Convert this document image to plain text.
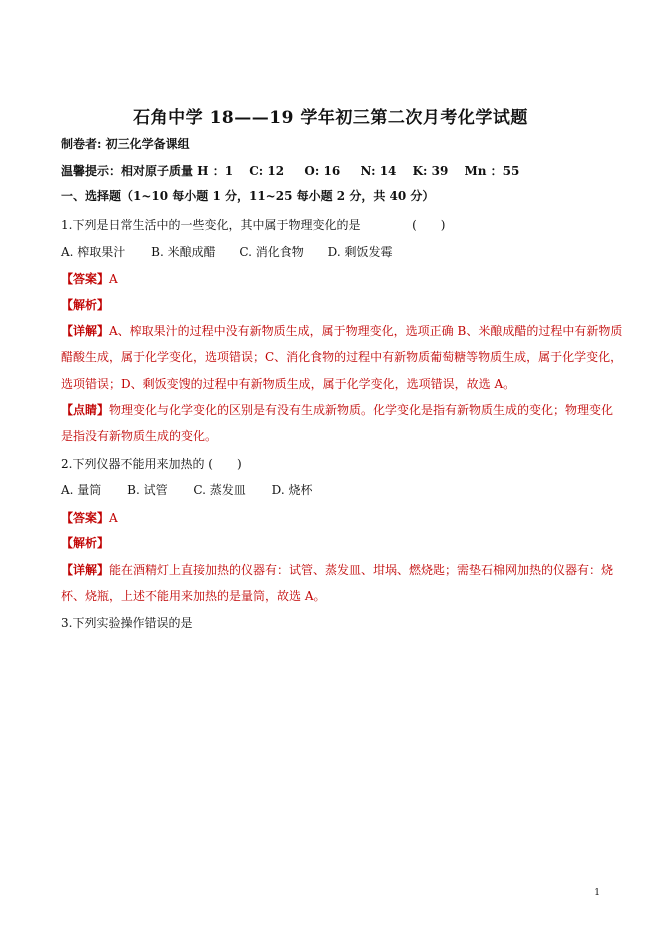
石角中学 18——19 学年初三第二次月考化学试题
制卷者: 初三化学备课组
温馨提示：相对原子质量 H ：1 　C: 12 　 O: 16 　 N: 14 　K: 39 　Mn ：55
一、选择题（1~10 每小题 1 分，11~25 每小题 2 分，共 40 分）
1.下列是日常生活中的一些变化，其中属于物理变化的是	(　　)
A. 榨取果汁 B. 米酿成醋 C. 消化食物 D. 剩饭发霉
【答案】A
【解析】
【详解】A、榨取果汁的过程中没有新物质生成，属于物理变化，选项正确 B、米酿成醋的过程中有新物质
醋酸生成，属于化学变化，选项错误；C、消化食物的过程中有新物质葡萄糖等物质生成，属于化学变化，
选项错误；D、剩饭变馊的过程中有新物质生成，属于化学变化，选项错误，故选 A。
【点睛】物理变化与化学变化的区别是有没有生成新物质。化学变化是指有新物质生成的变化；物理变化
是指没有新物质生成的变化。
2.下列仪器不能用来加热的 (　　)
A. 量筒 B. 试管 C. 蒸发皿 D. 烧杯
【答案】A
【解析】
【详解】能在酒精灯上直接加热的仪器有：试管、蒸发皿、坩埚、燃烧匙；需垫石棉网加热的仪器有：烧
杯、烧瓶，上述不能用来加热的是量筒，故选 A。
3.下列实验操作错误的是
1
